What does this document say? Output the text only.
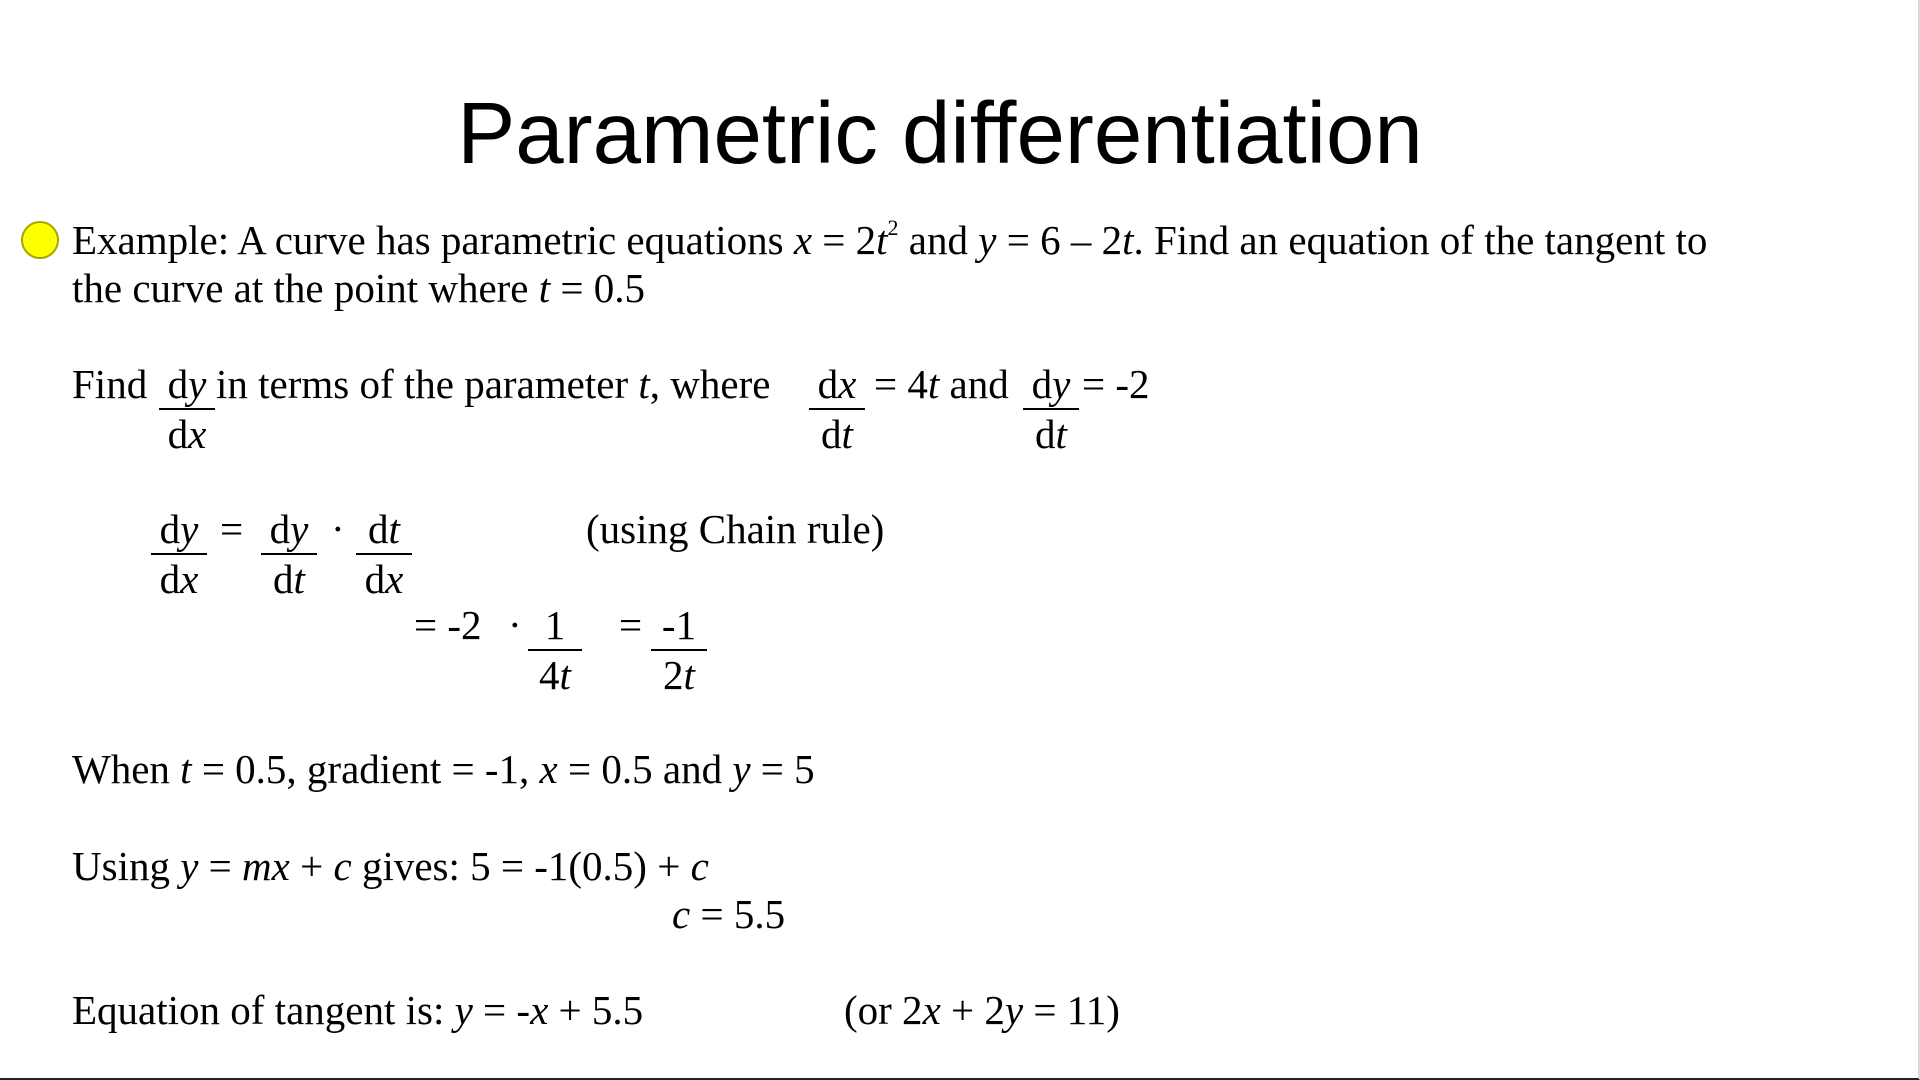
Parametric differentiation
Example: A curve has parametric equations $x = 2t^2$ and y = 6 – 2t. Find an equation of the tangent to
the curve at the point where t = 0.5
Find dy
dx
in terms of the parameter t, where dx
dt
= 4t and dy
dt
= -2
dy
dx
= dy
dt
· dt
dx
(using Chain rule)
= -2 · 1
4t
= -1
2t
When t = 0.5, gradient = -1, x = 0.5 and y = 5
Using y = mx + c gives: 5 = -1(0.5) + c
c = 5.5
Equation of tangent is: y = -x + 5.5	(or 2x + 2y = 11)
